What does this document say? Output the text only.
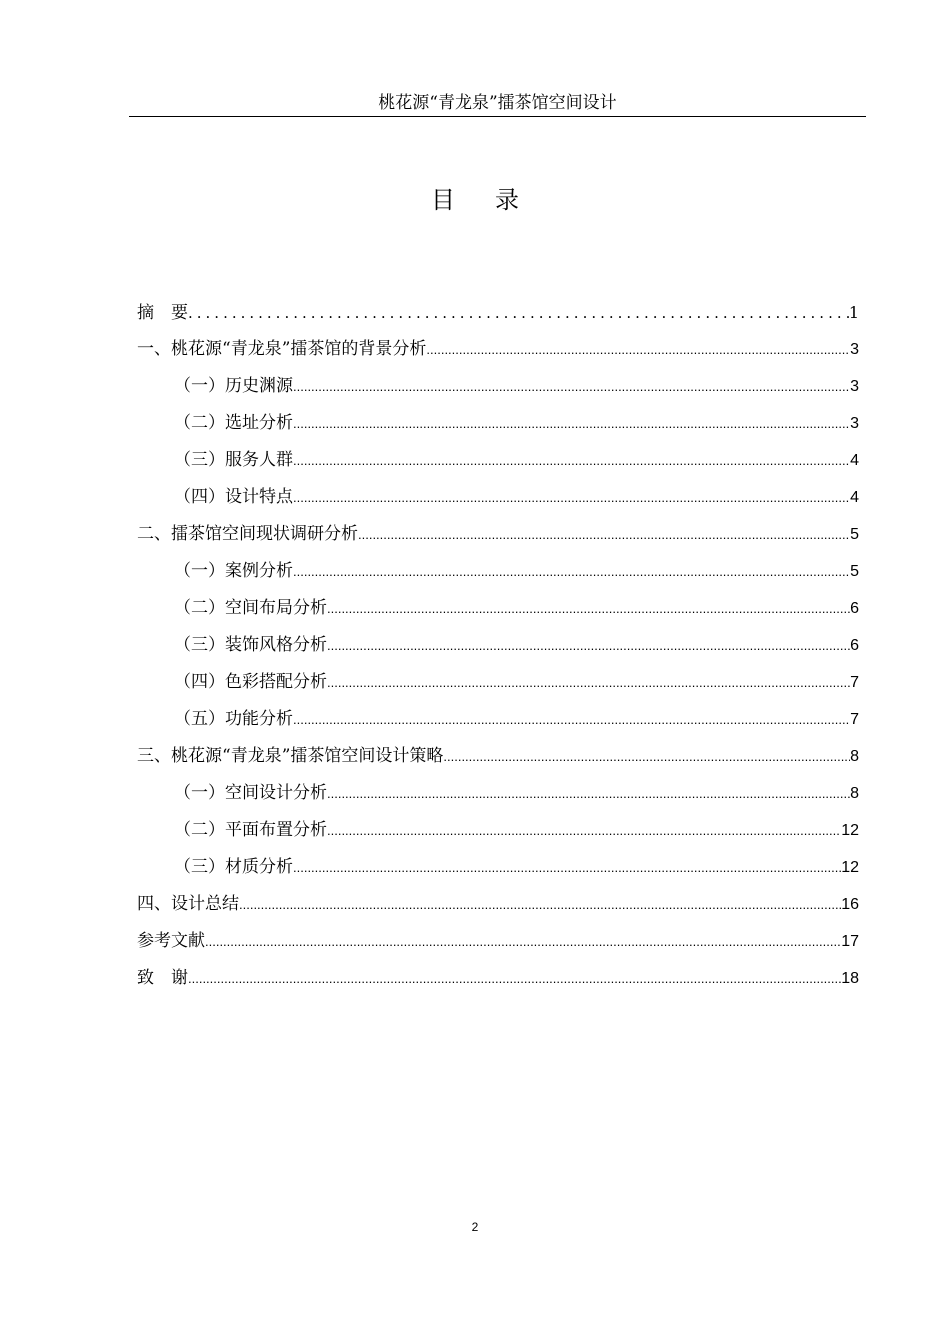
桃花源“青龙泉”擂茶馆空间设计
目录
摘　要 .....	1
一、桃花源“青龙泉”擂茶馆的背景分析 .....	3
（一）历史渊源 .....	3
（二）选址分析 .....	3
（三）服务人群 .....	4
（四）设计特点 .....	4
二、擂茶馆空间现状调研分析 .....	5
（一）案例分析 .....	5
（二）空间布局分析 .....	6
（三）装饰风格分析 .....	6
（四）色彩搭配分析 .....	7
（五）功能分析 .....	7
三、桃花源“青龙泉”擂茶馆空间设计策略 .....	8
（一）空间设计分析 .....	8
（二）平面布置分析 .....	12
（三）材质分析 .....	12
四、设计总结 .....	16
参考文献 .....	17
致　谢 .....	18
2
